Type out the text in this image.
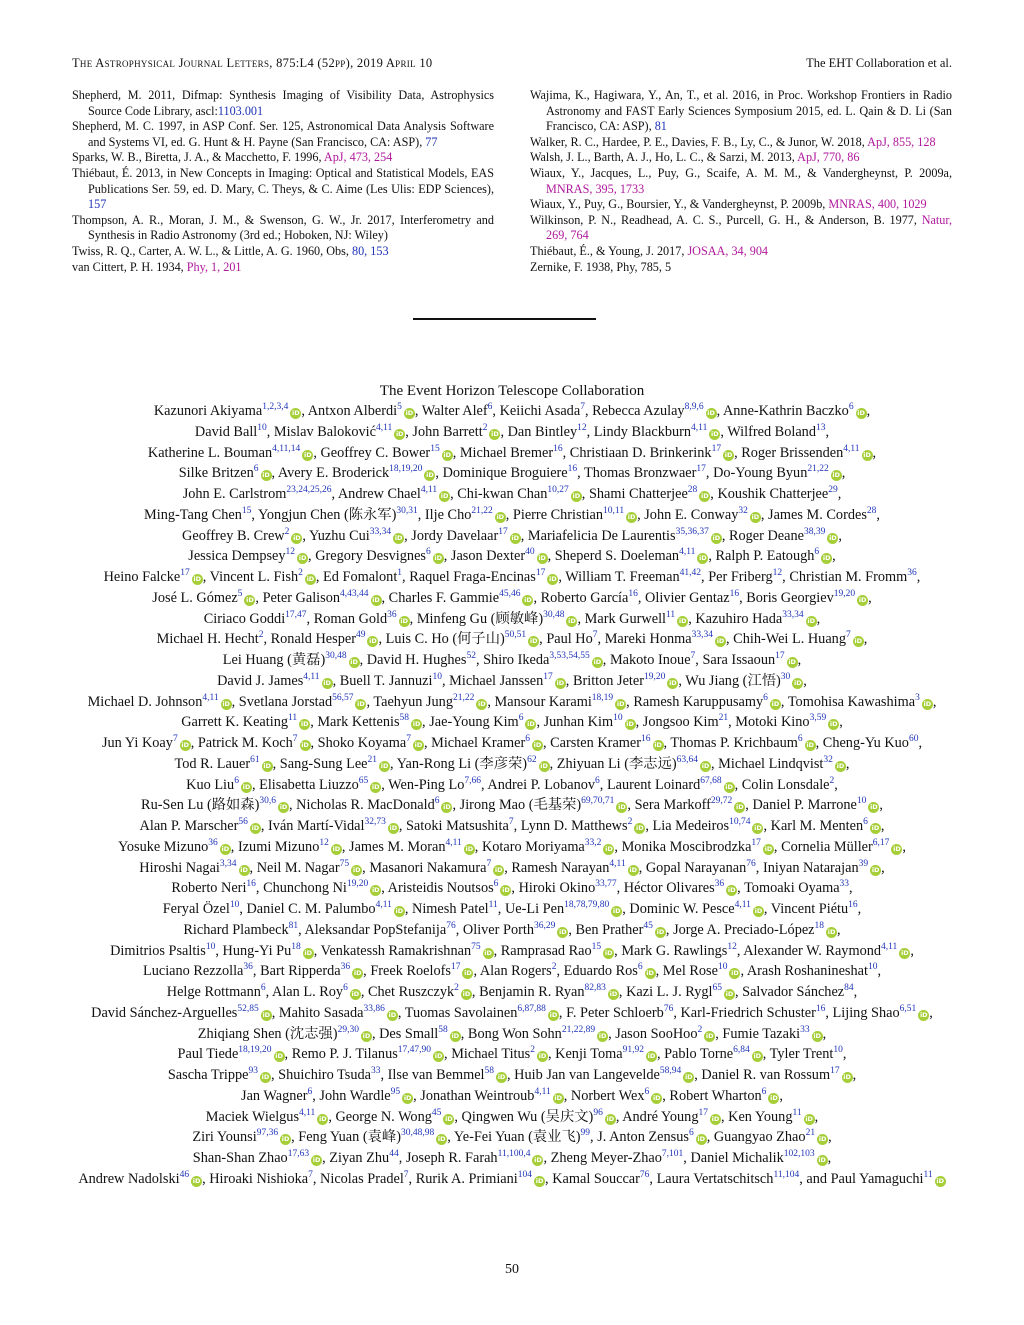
The Astrophysical Journal Letters, 875:L4 (52pp), 2019 April 10	The EHT Collaboration et al.
Shepherd, M. 2011, Difmap: Synthesis Imaging of Visibility Data, Astrophysics Source Code Library, ascl:1103.001
Shepherd, M. C. 1997, in ASP Conf. Ser. 125, Astronomical Data Analysis Software and Systems VI, ed. G. Hunt & H. Payne (San Francisco, CA: ASP), 77
Sparks, W. B., Biretta, J. A., & Macchetto, F. 1996, ApJ, 473, 254
Thiébaut, É. 2013, in New Concepts in Imaging: Optical and Statistical Models, EAS Publications Ser. 59, ed. D. Mary, C. Theys, & C. Aime (Les Ulis: EDP Sciences), 157
Thompson, A. R., Moran, J. M., & Swenson, G. W., Jr. 2017, Interferometry and Synthesis in Radio Astronomy (3rd ed.; Hoboken, NJ: Wiley)
Twiss, R. Q., Carter, A. W. L., & Little, A. G. 1960, Obs, 80, 153
van Cittert, P. H. 1934, Phy, 1, 201
Wajima, K., Hagiwara, Y., An, T., et al. 2016, in Proc. Workshop Frontiers in Radio Astronomy and FAST Early Sciences Symposium 2015, ed. L. Qain & D. Li (San Francisco, CA: ASP), 81
Walker, R. C., Hardee, P. E., Davies, F. B., Ly, C., & Junor, W. 2018, ApJ, 855, 128
Walsh, J. L., Barth, A. J., Ho, L. C., & Sarzi, M. 2013, ApJ, 770, 86
Wiaux, Y., Jacques, L., Puy, G., Scaife, A. M. M., & Vandergheynst, P. 2009a, MNRAS, 395, 1733
Wiaux, Y., Puy, G., Boursier, Y., & Vandergheynst, P. 2009b, MNRAS, 400, 1029
Wilkinson, P. N., Readhead, A. C. S., Purcell, G. H., & Anderson, B. 1977, Natur, 269, 764
Thiébaut, É., & Young, J. 2017, JOSAA, 34, 904
Zernike, F. 1938, Phy, 785, 5
The Event Horizon Telescope Collaboration
Kazunori Akiyama$^{1,2,3,4}$iD , Antxon Alberdi$^5$iD , Walter Alef$^6$, Keiichi Asada$^7$, Rebecca Azulay$^{8,9,6}$iD , Anne-Kathrin Baczko$^6$iD ,
David Ball$^{10}$, Mislav Baloković$^{4,11}$iD , John Barrett$^2$iD , Dan Bintley$^{12}$, Lindy Blackburn$^{4,11}$iD , Wilfred Boland$^{13}$,
Katherine L. Bouman$^{4,11,14}$iD , Geoffrey C. Bower$^{15}$iD , Michael Bremer$^{16}$, Christiaan D. Brinkerink$^{17}$iD , Roger Brissenden$^{4,11}$iD ,
Silke Britzen$^6$iD , Avery E. Broderick$^{18,19,20}$iD , Dominique Broguiere$^{16}$, Thomas Bronzwaer$^{17}$, Do-Young Byun$^{21,22}$iD ,
John E. Carlstrom$^{23,24,25,26}$, Andrew Chael$^{4,11}$iD , Chi-kwan Chan$^{10,27}$iD , Shami Chatterjee$^{28}$iD , Koushik Chatterjee$^{29}$,
Ming-Tang Chen$^{15}$, Yongjun Chen (陈永军)$^{30,31}$, Ilje Cho$^{21,22}$iD , Pierre Christian$^{10,11}$iD , John E. Conway$^{32}$iD , James M. Cordes$^{28}$,
Geoffrey B. Crew$^2$iD , Yuzhu Cui$^{33,34}$iD , Jordy Davelaar$^{17}$iD , Mariafelicia De Laurentis$^{35,36,37}$iD , Roger Deane$^{38,39}$iD ,
Jessica Dempsey$^{12}$iD , Gregory Desvignes$^6$iD , Jason Dexter$^{40}$iD , Sheperd S. Doeleman$^{4,11}$iD , Ralph P. Eatough$^6$iD ,
Heino Falcke$^{17}$iD , Vincent L. Fish$^2$iD , Ed Fomalont$^1$, Raquel Fraga-Encinas$^{17}$iD , William T. Freeman$^{41,42}$, Per Friberg$^{12}$, Christian M. Fromm$^{36}$,
José L. Gómez$^5$iD , Peter Galison$^{4,43,44}$iD , Charles F. Gammie$^{45,46}$iD , Roberto García$^{16}$, Olivier Gentaz$^{16}$, Boris Georgiev$^{19,20}$iD ,
Ciriaco Goddi$^{17,47}$, Roman Gold$^{36}$iD , Minfeng Gu (顾敏峰)$^{30,48}$iD , Mark Gurwell$^{11}$iD , Kazuhiro Hada$^{33,34}$iD ,
Michael H. Hecht$^2$, Ronald Hesper$^{49}$iD , Luis C. Ho (何子山)$^{50,51}$iD , Paul Ho$^7$, Mareki Honma$^{33,34}$iD , Chih-Wei L. Huang$^7$iD ,
Lei Huang (黄磊)$^{30,48}$iD , David H. Hughes$^{52}$, Shiro Ikeda$^{3,53,54,55}$iD , Makoto Inoue$^7$, Sara Issaoun$^{17}$iD ,
David J. James$^{4,11}$iD , Buell T. Jannuzi$^{10}$, Michael Janssen$^{17}$iD , Britton Jeter$^{19,20}$iD , Wu Jiang (江悟)$^{30}$iD ,
Michael D. Johnson$^{4,11}$iD , Svetlana Jorstad$^{56,57}$iD , Taehyun Jung$^{21,22}$iD , Mansour Karami$^{18,19}$iD , Ramesh Karuppusamy$^6$iD , Tomohisa Kawashima$^3$iD ,
Garrett K. Keating$^{11}$iD , Mark Kettenis$^{58}$iD , Jae-Young Kim$^6$iD , Junhan Kim$^{10}$iD , Jongsoo Kim$^{21}$, Motoki Kino$^{3,59}$iD ,
Jun Yi Koay$^7$iD , Patrick M. Koch$^7$iD , Shoko Koyama$^7$iD , Michael Kramer$^6$iD , Carsten Kramer$^{16}$iD , Thomas P. Krichbaum$^6$iD , Cheng-Yu Kuo$^{60}$,
Tod R. Lauer$^{61}$iD , Sang-Sung Lee$^{21}$iD , Yan-Rong Li (李彦荣)$^{62}$iD , Zhiyuan Li (李志远)$^{63,64}$iD , Michael Lindqvist$^{32}$iD ,
Kuo Liu$^6$iD , Elisabetta Liuzzo$^{65}$iD , Wen-Ping Lo$^{7,66}$, Andrei P. Lobanov$^6$, Laurent Loinard$^{67,68}$iD , Colin Lonsdale$^2$,
Ru-Sen Lu (路如森)$^{30,6}$iD , Nicholas R. MacDonald$^6$iD , Jirong Mao (毛基荣)$^{69,70,71}$iD , Sera Markoff$^{29,72}$iD , Daniel P. Marrone$^{10}$iD ,
Alan P. Marscher$^{56}$iD , Iván Martí-Vidal$^{32,73}$iD , Satoki Matsushita$^7$, Lynn D. Matthews$^2$iD , Lia Medeiros$^{10,74}$iD , Karl M. Menten$^6$iD ,
Yosuke Mizuno$^{36}$iD , Izumi Mizuno$^{12}$iD , James M. Moran$^{4,11}$iD , Kotaro Moriyama$^{33,2}$iD , Monika Moscibrodzka$^{17}$iD , Cornelia Müller$^{6,17}$iD ,
Hiroshi Nagai$^{3,34}$iD , Neil M. Nagar$^{75}$iD , Masanori Nakamura$^7$iD , Ramesh Narayan$^{4,11}$iD , Gopal Narayanan$^{76}$, Iniyan Natarajan$^{39}$iD ,
Roberto Neri$^{16}$, Chunchong Ni$^{19,20}$iD , Aristeidis Noutsos$^6$iD , Hiroki Okino$^{33,77}$, Héctor Olivares$^{36}$iD , Tomoaki Oyama$^{33}$,
Feryal Özel$^{10}$, Daniel C. M. Palumbo$^{4,11}$iD , Nimesh Patel$^{11}$, Ue-Li Pen$^{18,78,79,80}$iD , Dominic W. Pesce$^{4,11}$iD , Vincent Piétu$^{16}$,
Richard Plambeck$^{81}$, Aleksandar PopStefanija$^{76}$, Oliver Porth$^{36,29}$iD , Ben Prather$^{45}$iD , Jorge A. Preciado-López$^{18}$iD ,
Dimitrios Psaltis$^{10}$, Hung-Yi Pu$^{18}$iD , Venkatessh Ramakrishnan$^{75}$iD , Ramprasad Rao$^{15}$iD , Mark G. Rawlings$^{12}$, Alexander W. Raymond$^{4,11}$iD ,
Luciano Rezzolla$^{36}$, Bart Ripperda$^{36}$iD , Freek Roelofs$^{17}$iD , Alan Rogers$^2$, Eduardo Ros$^6$iD , Mel Rose$^{10}$iD , Arash Roshanineshat$^{10}$,
Helge Rottmann$^6$, Alan L. Roy$^6$iD , Chet Ruszczyk$^2$iD , Benjamin R. Ryan$^{82,83}$iD , Kazi L. J. Rygl$^{65}$iD , Salvador Sánchez$^{84}$,
David Sánchez-Arguelles$^{52,85}$iD , Mahito Sasada$^{33,86}$iD , Tuomas Savolainen$^{6,87,88}$iD , F. Peter Schloerb$^{76}$, Karl-Friedrich Schuster$^{16}$, Lijing Shao$^{6,51}$iD ,
Zhiqiang Shen (沈志强)$^{29,30}$iD , Des Small$^{58}$iD , Bong Won Sohn$^{21,22,89}$iD , Jason SooHoo$^2$iD , Fumie Tazaki$^{33}$iD ,
Paul Tiede$^{18,19,20}$iD , Remo P. J. Tilanus$^{17,47,90}$iD , Michael Titus$^2$iD , Kenji Toma$^{91,92}$iD , Pablo Torne$^{6,84}$iD , Tyler Trent$^{10}$,
Sascha Trippe$^{93}$iD , Shuichiro Tsuda$^{33}$, Ilse van Bemmel$^{58}$iD , Huib Jan van Langevelde$^{58,94}$iD , Daniel R. van Rossum$^{17}$iD ,
Jan Wagner$^6$, John Wardle$^{95}$iD , Jonathan Weintroub$^{4,11}$iD , Norbert Wex$^6$iD , Robert Wharton$^6$iD ,
Maciek Wielgus$^{4,11}$iD , George N. Wong$^{45}$iD , Qingwen Wu (吴庆文)$^{96}$iD , André Young$^{17}$iD , Ken Young$^{11}$iD ,
Ziri Younsi$^{97,36}$iD , Feng Yuan (袁峰)$^{30,48,98}$iD , Ye-Fei Yuan (袁业飞)$^{99}$, J. Anton Zensus$^6$iD , Guangyao Zhao$^{21}$iD ,
Shan-Shan Zhao$^{17,63}$iD , Ziyan Zhu$^{44}$, Joseph R. Farah$^{11,100,4}$iD , Zheng Meyer-Zhao$^{7,101}$, Daniel Michalik$^{102,103}$iD ,
Andrew Nadolski$^{46}$iD , Hiroaki Nishioka$^7$, Nicolas Pradel$^7$, Rurik A. Primiani$^{104}$iD , Kamal Souccar$^{76}$, Laura Vertatschitsch$^{11,104}$, and Paul Yamaguchi$^{11}$iD
50
